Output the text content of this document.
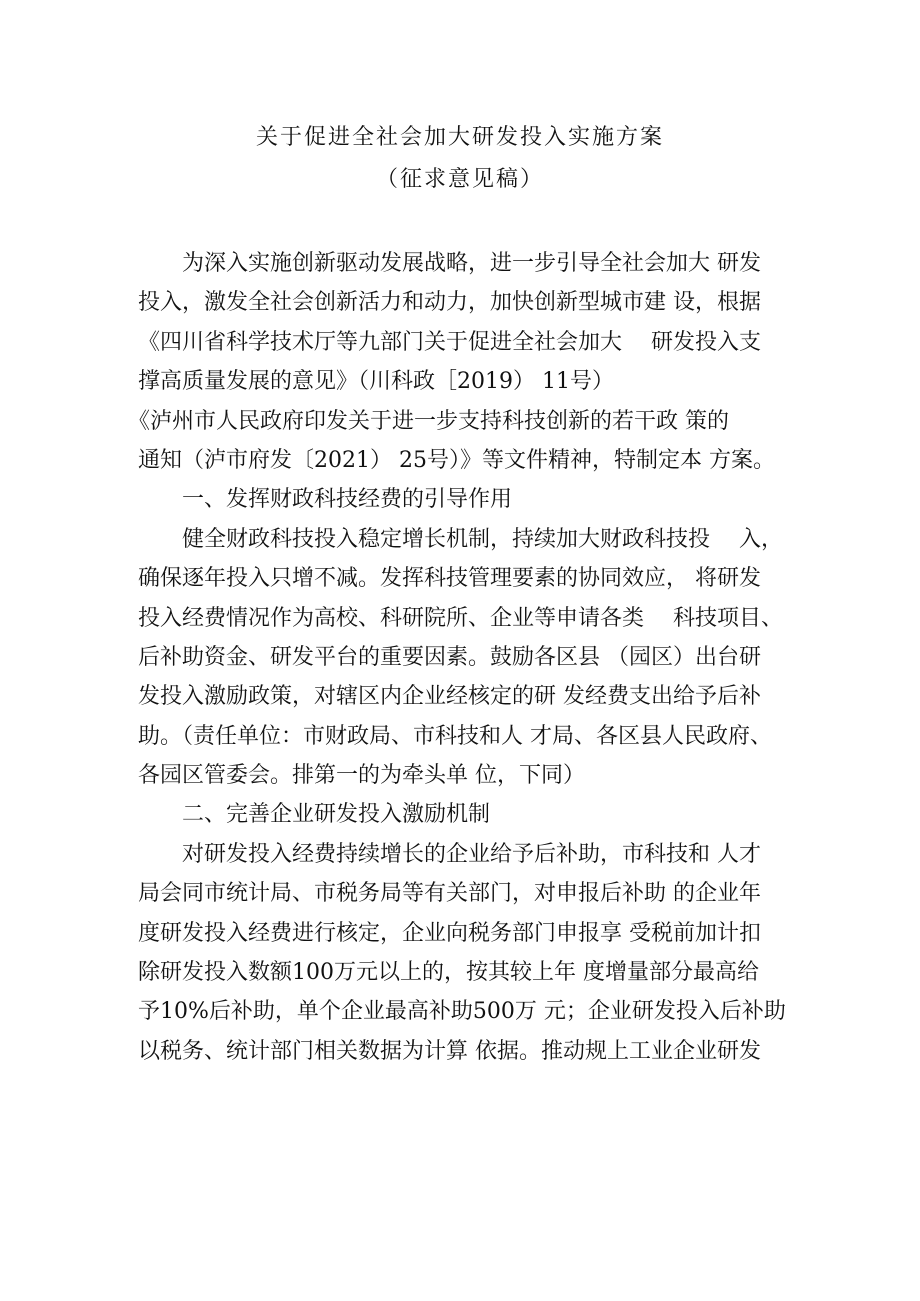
关于促进全社会加大研发投入实施方案
（征求意见稿）
为深入实施创新驱动发展战略，进一步引导全社会加大 研发
投入，激发全社会创新活力和动力，加快创新型城市建 设，根据
《四川省科学技术厅等九部门关于促进全社会加大　 研发投入支
撑高质量发展的意见》（川科政［2019） 11号）
《泸州市人民政府印发关于进一步支持科技创新的若干政 策的
通知（泸市府发〔2021） 25号）》等文件精神，特制定本 方案。
一、发挥财政科技经费的引导作用
健全财政科技投入稳定增长机制，持续加大财政科技投　 入，
确保逐年投入只增不减。发挥科技管理要素的协同效应， 将研发
投入经费情况作为高校、科研院所、企业等申请各类　 科技项目、
后补助资金、研发平台的重要因素。鼓励各区县 （园区）出台研
发投入激励政策，对辖区内企业经核定的研 发经费支出给予后补
助。（责任单位：市财政局、市科技和人 才局、各区县人民政府、
各园区管委会。排第一的为牵头单 位，下同）
二、完善企业研发投入激励机制
对研发投入经费持续增长的企业给予后补助，市科技和 人才
局会同市统计局、市税务局等有关部门，对申报后补助 的企业年
度研发投入经费进行核定，企业向税务部门申报享 受税前加计扣
除研发投入数额100万元以上的，按其较上年 度增量部分最高给
予10%后补助，单个企业最高补助500万 元；企业研发投入后补助
以税务、统计部门相关数据为计算 依据。推动规上工业企业研发
